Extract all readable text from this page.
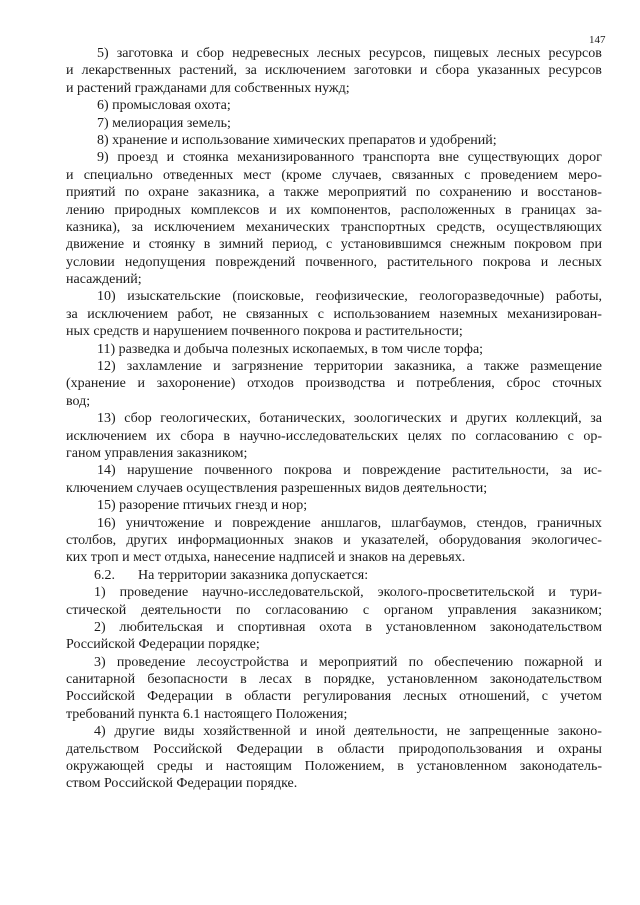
147
5) заготовка и сбор недревесных лесных ресурсов, пищевых лесных ресурсов
и лекарственных растений, за исключением заготовки и сбора указанных ресурсов
и растений гражданами для собственных нужд;
6) промысловая охота;
7) мелиорация земель;
8) хранение и использование химических препаратов и удобрений;
9) проезд и стоянка механизированного транспорта вне существующих дорог
и специально отведенных мест (кроме случаев, связанных с проведением меро-
приятий по охране заказника, а также мероприятий по сохранению и восстанов-
лению природных комплексов и их компонентов, расположенных в границах за-
казника), за исключением механических транспортных средств, осуществляющих
движение и стоянку в зимний период, с установившимся снежным покровом при
условии недопущения повреждений почвенного, растительного покрова и лесных
насаждений;
10) изыскательские (поисковые, геофизические, геологоразведочные) работы,
за исключением работ, не связанных с использованием наземных механизирован-
ных средств и нарушением почвенного покрова и растительности;
11) разведка и добыча полезных ископаемых, в том числе торфа;
12) захламление и загрязнение территории заказника, а также размещение
(хранение и захоронение) отходов производства и потребления, сброс сточных
вод;
13) сбор геологических, ботанических, зоологических и других коллекций, за
исключением их сбора в научно-исследовательских целях по согласованию с ор-
ганом управления заказником;
14) нарушение почвенного покрова и повреждение растительности, за ис-
ключением случаев осуществления разрешенных видов деятельности;
15) разорение птичьих гнезд и нор;
16) уничтожение и повреждение аншлагов, шлагбаумов, стендов, граничных
столбов, других информационных знаков и указателей, оборудования экологичес-
ких троп и мест отдыха, нанесение надписей и знаков на деревьях.
6.2.	На территории заказника допускается:
1) проведение научно-исследовательской, эколого-просветительской и тури-
стической деятельности по согласованию с органом управления заказником;
2) любительская и спортивная охота в установленном законодательством
Российской Федерации порядке;
3) проведение лесоустройства и мероприятий по обеспечению пожарной и
санитарной безопасности в лесах в порядке, установленном законодательством
Российской Федерации в области регулирования лесных отношений, с учетом
требований пункта 6.1 настоящего Положения;
4) другие виды хозяйственной и иной деятельности, не запрещенные законо-
дательством Российской Федерации в области природопользования и охраны
окружающей среды и настоящим Положением, в установленном законодатель-
ством Российской Федерации порядке.
